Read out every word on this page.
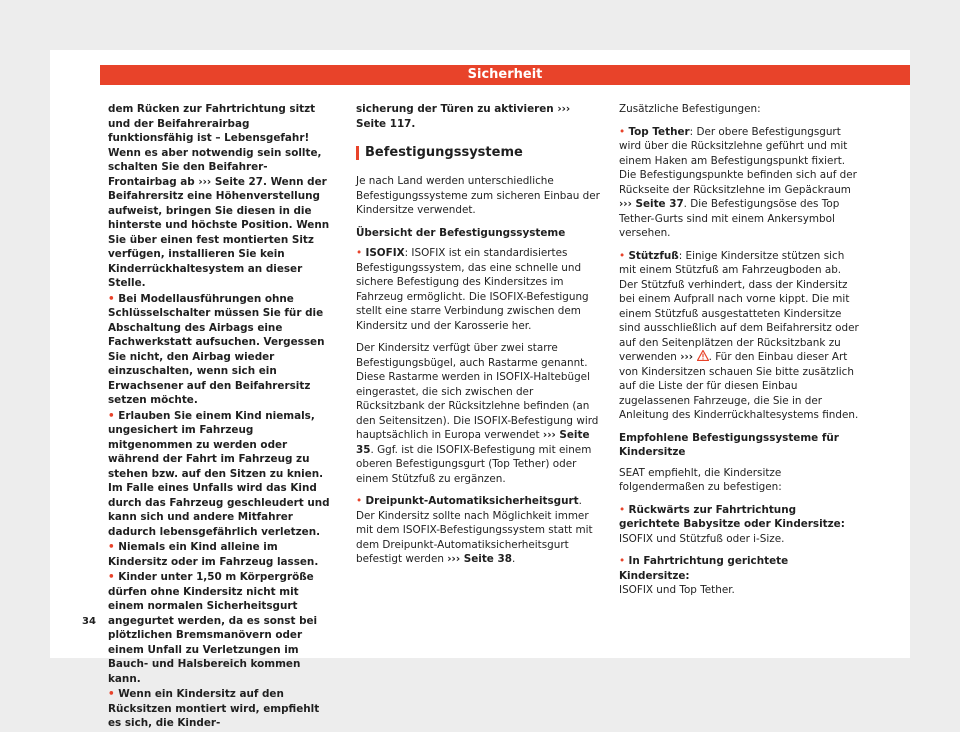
Sicherheit

dem Rücken zur Fahrtrichtung sitzt und der Beifahrerairbag funktionsfähig ist – Lebensgefahr! Wenn es aber notwendig sein sollte, schalten Sie den Beifahrer-Frontairbag ab ››› Seite 27. Wenn der Beifahrersitz eine Höhenverstellung aufweist, bringen Sie diesen in die hinterste und höchste Position. Wenn Sie über einen fest montierten Sitz verfügen, installieren Sie kein Kinderrückhaltesystem an dieser Stelle.

• Bei Modellausführungen ohne Schlüsselschalter müssen Sie für die Abschaltung des Airbags eine Fachwerkstatt aufsuchen. Vergessen Sie nicht, den Airbag wieder einzuschalten, wenn sich ein Erwachsener auf den Beifahrersitz setzen möchte.

• Erlauben Sie einem Kind niemals, ungesichert im Fahrzeug mitgenommen zu werden oder während der Fahrt im Fahrzeug zu stehen bzw. auf den Sitzen zu knien. Im Falle eines Unfalls wird das Kind durch das Fahrzeug geschleudert und kann sich und andere Mitfahrer dadurch lebensgefährlich verletzen.

• Niemals ein Kind alleine im Kindersitz oder im Fahrzeug lassen.

• Kinder unter 1,50 m Körpergröße dürfen ohne Kindersitz nicht mit einem normalen Sicherheitsgurt angegurtet werden, da es sonst bei plötzlichen Bremsmanövern oder einem Unfall zu Verletzungen im Bauch- und Halsbereich kommen kann.

• Wenn ein Kindersitz auf den Rücksitzen montiert wird, empfiehlt es sich, die Kinder-

sicherung der Türen zu aktivieren ››› Seite 117.

Befestigungssysteme

Je nach Land werden unterschiedliche Befestigungssysteme zum sicheren Einbau der Kindersitze verwendet.

Übersicht der Befestigungssysteme

• ISOFIX: ISOFIX ist ein standardisiertes Befestigungssystem, das eine schnelle und sichere Befestigung des Kindersitzes im Fahrzeug ermöglicht. Die ISOFIX-Befestigung stellt eine starre Verbindung zwischen dem Kindersitz und der Karosserie her.

Der Kindersitz verfügt über zwei starre Befestigungsbügel, auch Rastarme genannt. Diese Rastarme werden in ISOFIX-Haltebügel eingerastet, die sich zwischen der Rücksitzbank der Rücksitzlehne befinden (an den Seitensitzen). Die ISOFIX-Befestigung wird hauptsächlich in Europa verwendet ››› Seite 35. Ggf. ist die ISOFIX-Befestigung mit einem oberen Befestigungsgurt (Top Tether) oder einem Stützfuß zu ergänzen.

• Dreipunkt-Automatiksicherheitsgurt. Der Kindersitz sollte nach Möglichkeit immer mit dem ISOFIX-Befestigungssystem statt mit dem Dreipunkt-Automatiksicherheitsgurt befestigt werden ››› Seite 38.

Zusätzliche Befestigungen:

• Top Tether: Der obere Befestigungsgurt wird über die Rücksitzlehne geführt und mit einem Haken am Befestigungspunkt fixiert. Die Befestigungspunkte befinden sich auf der Rückseite der Rücksitzlehne im Gepäckraum ››› Seite 37. Die Befestigungsöse des Top Tether-Gurts sind mit einem Ankersymbol versehen.

• Stützfuß: Einige Kindersitze stützen sich mit einem Stützfuß am Fahrzeugboden ab. Der Stützfuß verhindert, dass der Kindersitz bei einem Aufprall nach vorne kippt. Die mit einem Stützfuß ausgestatteten Kindersitze sind ausschließlich auf dem Beifahrersitz oder auf den Seitenplätzen der Rücksitzbank zu verwenden ››› . Für den Einbau dieser Art von Kindersitzen schauen Sie bitte zusätzlich auf die Liste der für diesen Einbau zugelassenen Fahrzeuge, die Sie in der Anleitung des Kinderrückhaltesystems finden.

Empfohlene Befestigungssysteme für Kindersitze

SEAT empfiehlt, die Kindersitze folgendermaßen zu befestigen:

• Rückwärts zur Fahrtrichtung gerichtete Babysitze oder Kindersitze: ISOFIX und Stützfuß oder i-Size.

• In Fahrtrichtung gerichtete Kindersitze:
ISOFIX und Top Tether.

34
